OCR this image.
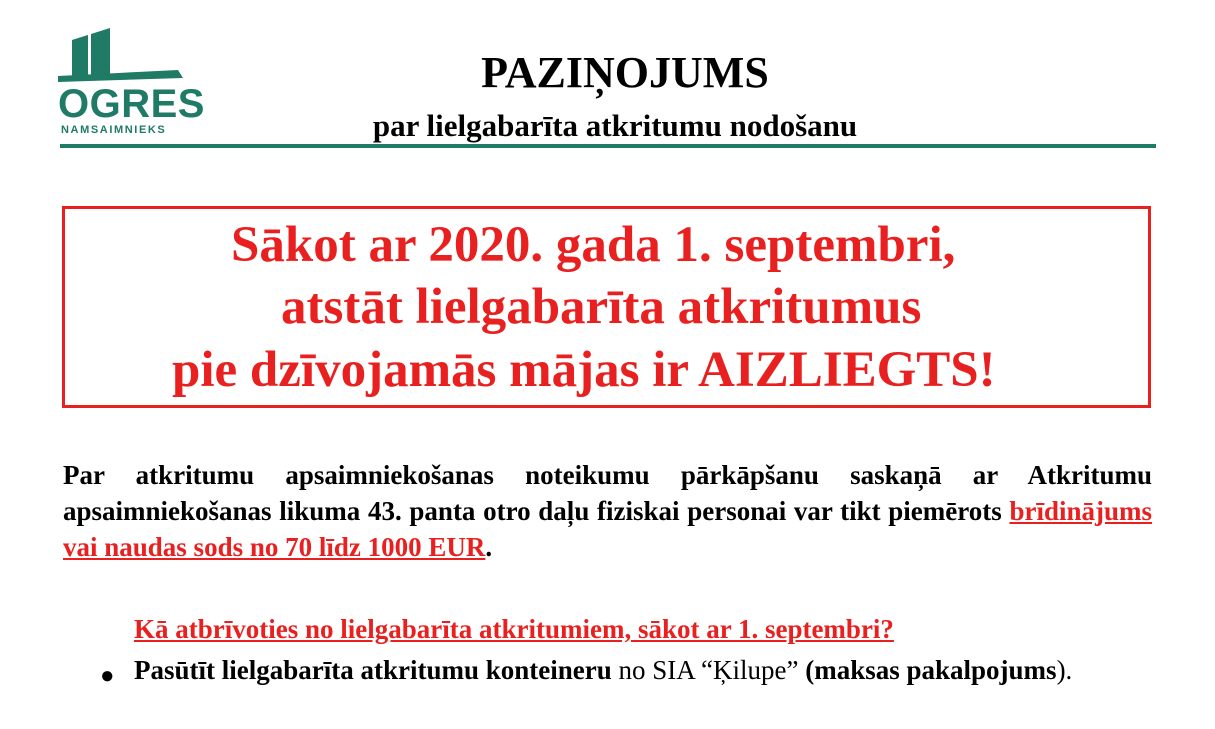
OGRES
NAMSAIMNIEKS
PAZIŅOJUMS
par lielgabarīta atkritumu nodošanu
Sākot ar 2020. gada 1. septembri,
atstāt lielgabarīta atkritumus
pie dzīvojamās mājas ir AIZLIEGTS!
Par atkritumu apsaimniekošanas noteikumu pārkāpšanu saskaņā ar Atkritumu apsaimniekošanas likuma 43. panta otro daļu fiziskai personai var tikt piemērots brīdinājums vai naudas sods no 70 līdz 1000 EUR.
Kā atbrīvoties no lielgabarīta atkritumiem, sākot ar 1. septembri?
● Pasūtīt lielgabarīta atkritumu konteineru no SIA “Ķilupe” (maksas pakalpojums).
